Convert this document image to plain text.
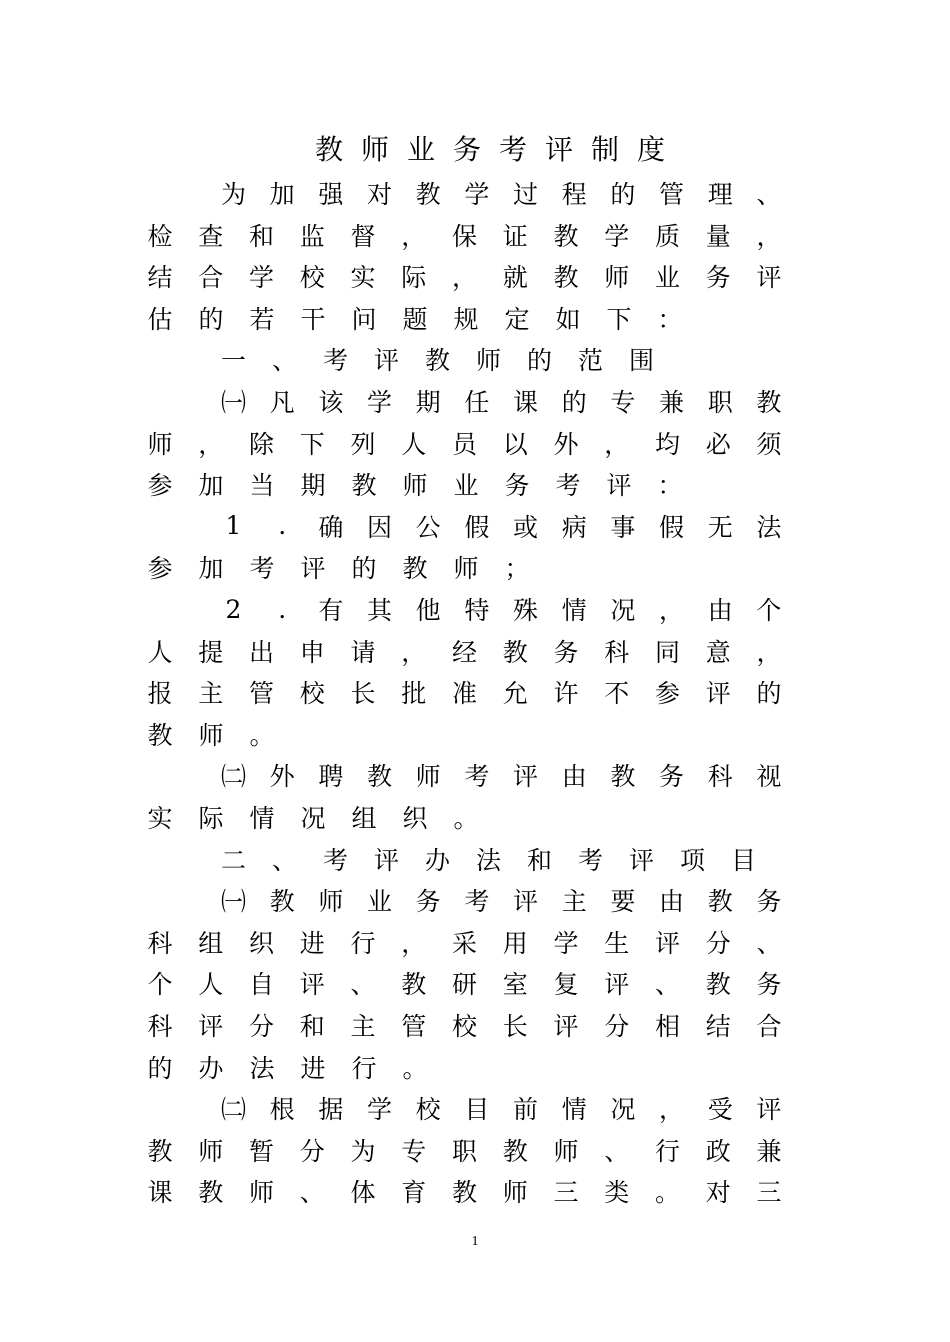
教师业务考评制度
为 加 强 对 教 学 过 程 的 管 理 、
检 查 和 监 督 ， 保 证 教 学 质 量 ，
结 合 学 校 实 际 ， 就 教 师 业 务 评
估 的 若 干 问 题 规 定 如 下 ：
一 、 考 评 教 师 的 范 围
㈠ 凡 该 学 期 任 课 的 专 兼 职 教
师 ， 除 下 列 人 员 以 外 ， 均 必 须
参 加 当 期 教 师 业 务 考 评 ：
1	.	确 因 公 假 或 病 事 假 无 法
参 加 考 评 的 教 师 ；
2	.	有 其 他 特 殊 情 况 ， 由 个
人 提 出 申 请 ， 经 教 务 科 同 意 ，
报 主 管 校 长 批 准 允 许 不 参 评 的
教 师 。
㈡ 外 聘 教 师 考 评 由 教 务 科 视
实 际 情 况 组 织 。
二 、 考 评 办 法 和 考 评 项 目
㈠ 教 师 业 务 考 评 主 要 由 教 务
科 组 织 进 行 ， 采 用 学 生 评 分 、
个 人 自 评 、 教 研 室 复 评 、 教 务
科 评 分 和 主 管 校 长 评 分 相 结 合
的 办 法 进 行 。
㈡ 根 据 学 校 目 前 情 况 ， 受 评
教 师 暂 分 为 专 职 教 师 、 行 政 兼
课 教 师 、 体 育 教 师 三 类 。 对 三
1
